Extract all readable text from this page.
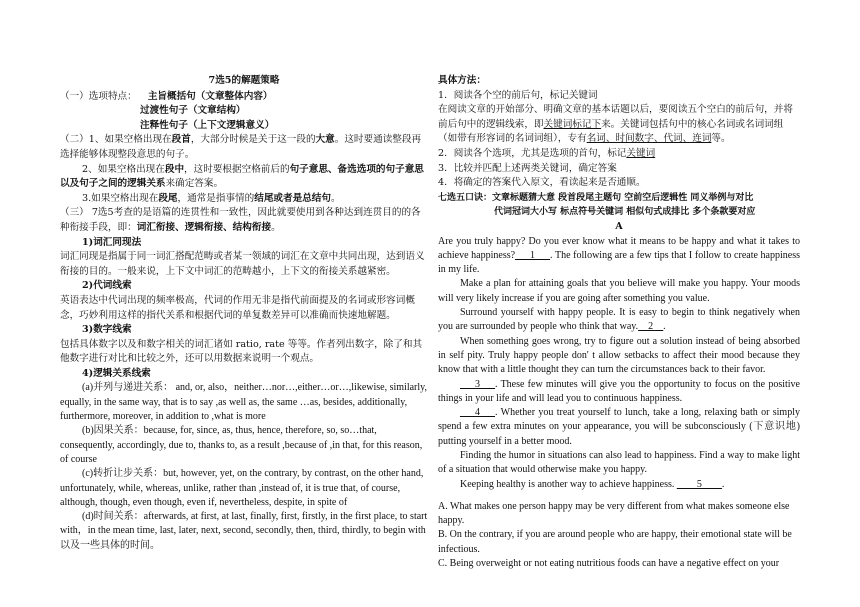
7选5的解题策略

（一）选项特点： 主旨概括句（文章整体内容）

过渡性句子（文章结构）

注释性句子（上下文逻辑意义）

（二）1、如果空格出现在段首，大部分时候是关于这一段的大意。这时要通读整段再选择能够体现整段意思的句子。

2、如果空格出现在段中，这时要根据空格前后的句子意思、备选选项的句子意思以及句子之间的逻辑关系来确定答案。

3.如果空格出现在段尾，通常是指事情的结尾或者是总结句。

（三） 7选5考查的是语篇的连贯性和一致性，因此就要使用到各种达到连贯目的的各种衔接手段，即：词汇衔接、逻辑衔接、结构衔接。

1)词汇同现法

词汇同现是指属于同一词汇搭配范畴或者某一领域的词汇在文章中共同出现，达到语义衔接的目的。一般来说，上下文中词汇的范畴越小，上下文的衔接关系越紧密。

2)代词线索

英语表达中代词出现的频率极高，代词的作用无非是指代前面提及的名词或形容词概念，巧妙利用这样的指代关系和根据代词的单复数差异可以准确而快速地解题。

3)数字线索

包括具体数字以及和数字相关的词汇诸如 ratio, rate 等等。作者列出数字，除了和其他数字进行对比和比较之外，还可以用数据来说明一个观点。

4)逻辑关系线索

(a)并列与递进关系： and, or, also，neither…nor…,either…or…,likewise, similarly, equally, in the same way, that is to say ,as well as, the same …as, besides, additionally, furthermore, moreover, in addition to ,what is more

(b)因果关系：because, for, since, as, thus, hence, therefore, so, so…that, consequently, accordingly, due to, thanks to, as a result ,because of ,in that, for this reason, of course

(c)转折让步关系：but, however, yet, on the contrary, by contrast, on the other hand, unfortunately, while, whereas, unlike, rather than ,instead of, it is true that, of course, although, though, even though, even if, nevertheless, despite, in spite of

(d)时间关系：afterwards, at first, at last, finally, first, firstly, in the first place, to start with，in the mean time, last, later, next, second, secondly, then, third, thirdly, to begin with 以及一些具体的时间。

具体方法：

1．阅读各个空的前后句，标记关键词

在阅读文章的开始部分、明确文章的基本话题以后，要阅读五个空白的前后句，并将前后句中的逻辑线索，即关键词标记下来。关键词包括句中的核心名词或名词词组（如带有形容词的名词词组），专有名词、时间数字、代词、连词等。

2．阅读各个选项，尤其是选项的首句，标记关键词

3．比较并匹配上述两类关键词，确定答案

4．将确定的答案代入原文，看读起来是否通顺。

七选五口诀：文章标题猜大意 段首段尾主题句 空前空后逻辑性 同义举例与对比

代词冠词大小写 标点符号关键词 相似句式成排比 多个条款要对应

A

Are you truly happy? Do you ever know what it means to be happy and what it takes to achieve happiness?___1___. The following are a few tips that I follow to create happiness in my life.

Make a plan for attaining goals that you believe will make you happy. Your moods will very likely increase if you are going after something you value.

Surround yourself with happy people. It is easy to begin to think negatively when you are surrounded by people who think that way.__2__.

When something goes wrong, try to figure out a solution instead of being absorbed in self pity. Truly happy people don' t allow setbacks to affect their mood because they know that with a little thought they can turn the circumstances back to their favor.

___3___. These few minutes will give you the opportunity to focus on the positive things in your life and will lead you to continuous happiness.

___4___. Whether you treat yourself to lunch, take a long, relaxing bath or simply spend a few extra minutes on your appearance, you will be subconsciously (下意识地) putting yourself in a better mood.

Finding the humor in situations can also lead to happiness. Find a way to make light of a situation that would otherwise make you happy.

Keeping healthy is another way to achieve happiness. ____5____.

A. What makes one person happy may be very different from what makes someone else happy.

B. On the contrary, if you are around people who are happy, their emotional state will be infectious.

C. Being overweight or not eating nutritious foods can have a negative effect on your
